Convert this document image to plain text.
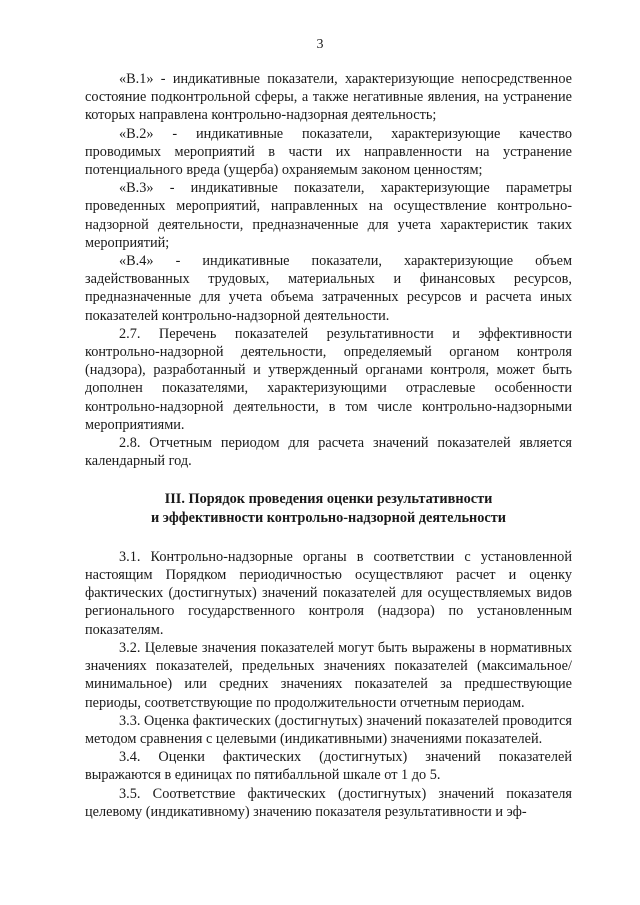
3

«В.1» - индикативные показатели, характеризующие непосредственное состояние подконтрольной сферы, а также негативные явления, на устранение которых направлена контрольно-надзорная деятельность;

«В.2» - индикативные показатели, характеризующие качество проводимых мероприятий в части их направленности на устранение потенциального вреда (ущерба) охраняемым законом ценностям;

«В.3» - индикативные показатели, характеризующие параметры проведенных мероприятий, направленных на осуществление контрольно-надзорной деятельности, предназначенные для учета характеристик таких мероприятий;

«В.4» - индикативные показатели, характеризующие объем задействованных трудовых, материальных и финансовых ресурсов, предназначенные для учета объема затраченных ресурсов и расчета иных показателей контрольно-надзорной деятельности.

2.7. Перечень показателей результативности и эффективности контрольно-надзорной деятельности, определяемый органом контроля (надзора), разработанный и утвержденный органами контроля, может быть дополнен показателями, характеризующими отраслевые особенности контрольно-надзорной деятельности, в том числе контрольно-надзорными мероприятиями.

2.8. Отчетным периодом для расчета значений показателей является календарный год.

III. Порядок проведения оценки результативности
и эффективности контрольно-надзорной деятельности

3.1. Контрольно-надзорные органы в соответствии с установленной настоящим Порядком периодичностью осуществляют расчет и оценку фактических (достигнутых) значений показателей для осуществляемых видов регионального государственного контроля (надзора) по установленным показателям.

3.2. Целевые значения показателей могут быть выражены в нормативных значениях показателей, предельных значениях показателей (максимальное/минимальное) или средних значениях показателей за предшествующие периоды, соответствующие по продолжительности отчетным периодам.

3.3. Оценка фактических (достигнутых) значений показателей проводится методом сравнения с целевыми (индикативными) значениями показателей.

3.4. Оценки фактических (достигнутых) значений показателей выражаются в единицах по пятибалльной шкале от 1 до 5.

3.5. Соответствие фактических (достигнутых) значений показателя целевому (индикативному) значению показателя результативности и эф-
